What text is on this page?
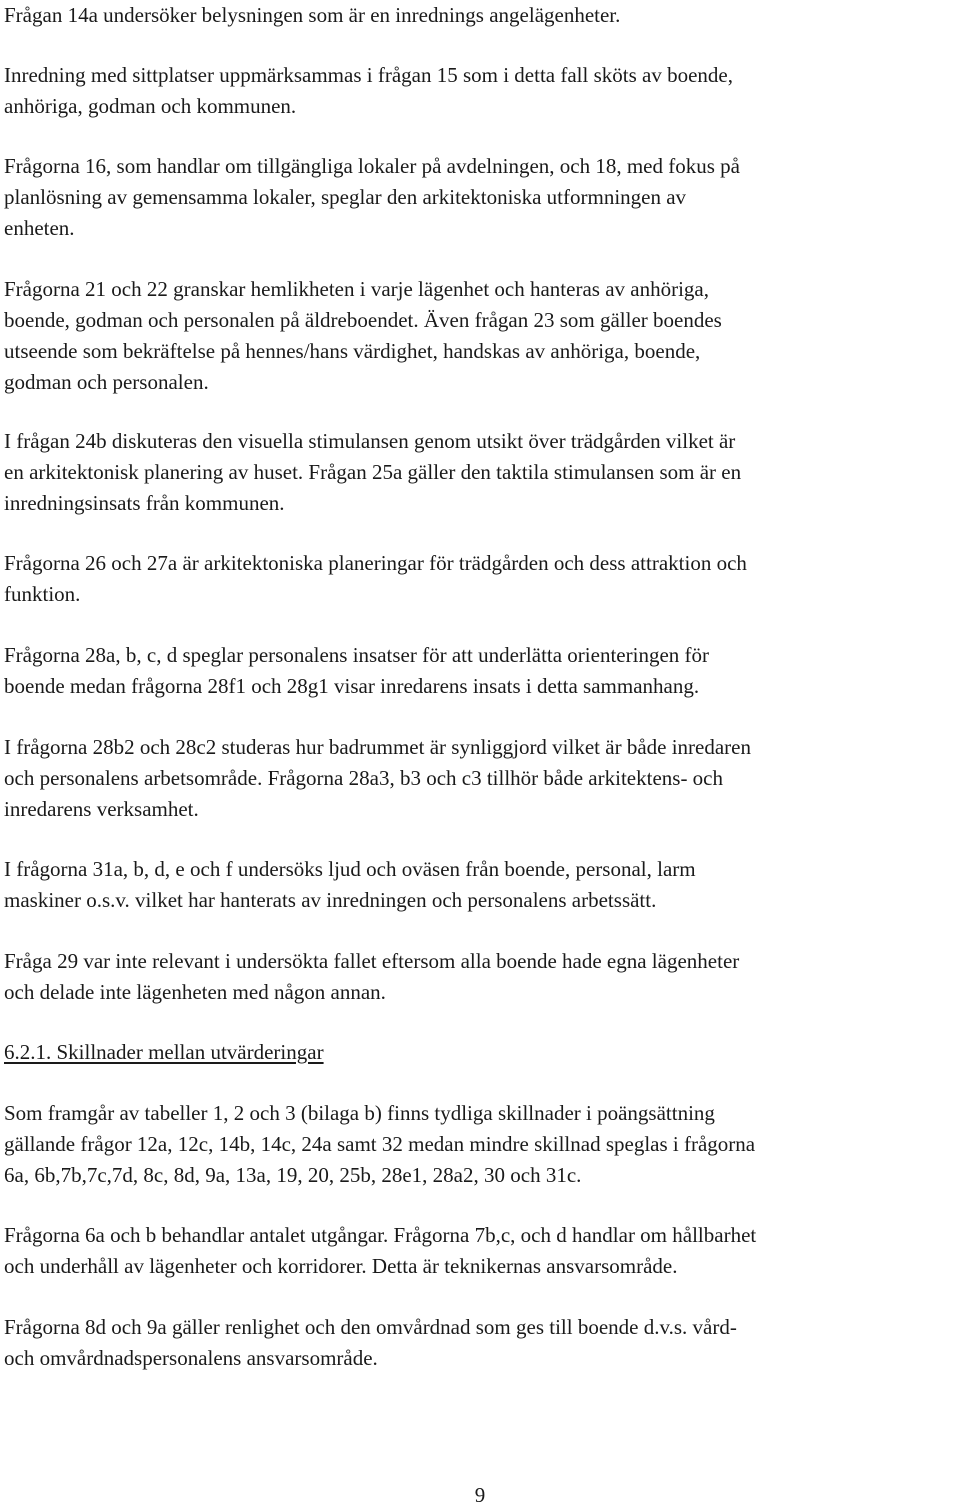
Frågan 14a undersöker belysningen som är en inrednings angelägenheter.

Inredning med sittplatser uppmärksammas i frågan 15 som i detta fall sköts av boende,
anhöriga, godman och kommunen.

Frågorna 16, som handlar om tillgängliga lokaler på avdelningen, och 18, med fokus på
planlösning av gemensamma lokaler, speglar den arkitektoniska utformningen av
enheten.

Frågorna 21 och 22 granskar hemlikheten i varje lägenhet och hanteras av anhöriga,
boende, godman och personalen på äldreboendet. Även frågan 23 som gäller boendes
utseende som bekräftelse på hennes/hans värdighet, handskas av anhöriga, boende,
godman och personalen.

I frågan 24b diskuteras den visuella stimulansen genom utsikt över trädgården vilket är
en arkitektonisk planering av huset. Frågan 25a gäller den taktila stimulansen som är en
inredningsinsats från kommunen.

Frågorna 26 och 27a är arkitektoniska planeringar för trädgården och dess attraktion och
funktion.

Frågorna 28a, b, c, d speglar personalens insatser för att underlätta orienteringen för
boende medan frågorna 28f1 och 28g1 visar inredarens insats i detta sammanhang.

I frågorna 28b2 och 28c2 studeras hur badrummet är synliggjord vilket är både inredaren
och personalens arbetsområde. Frågorna 28a3, b3 och c3 tillhör både arkitektens- och
inredarens verksamhet.

I frågorna 31a, b, d, e och f undersöks ljud och oväsen från boende, personal, larm
maskiner o.s.v. vilket har hanterats av inredningen och personalens arbetssätt.

Fråga 29 var inte relevant i undersökta fallet eftersom alla boende hade egna lägenheter
och delade inte lägenheten med någon annan.

6.2.1. Skillnader mellan utvärderingar

Som framgår av tabeller 1, 2 och 3 (bilaga b) finns tydliga skillnader i poängsättning
gällande frågor 12a, 12c, 14b, 14c, 24a samt 32 medan mindre skillnad speglas i frågorna
6a, 6b,7b,7c,7d, 8c, 8d, 9a, 13a, 19, 20, 25b, 28e1, 28a2, 30 och 31c.

Frågorna 6a och b behandlar antalet utgångar. Frågorna 7b,c, och d handlar om hållbarhet
och underhåll av lägenheter och korridorer. Detta är teknikernas ansvarsområde.

Frågorna 8d och 9a gäller renlighet och den omvårdnad som ges till boende d.v.s. vård-
och omvårdnadspersonalens ansvarsområde.

9
